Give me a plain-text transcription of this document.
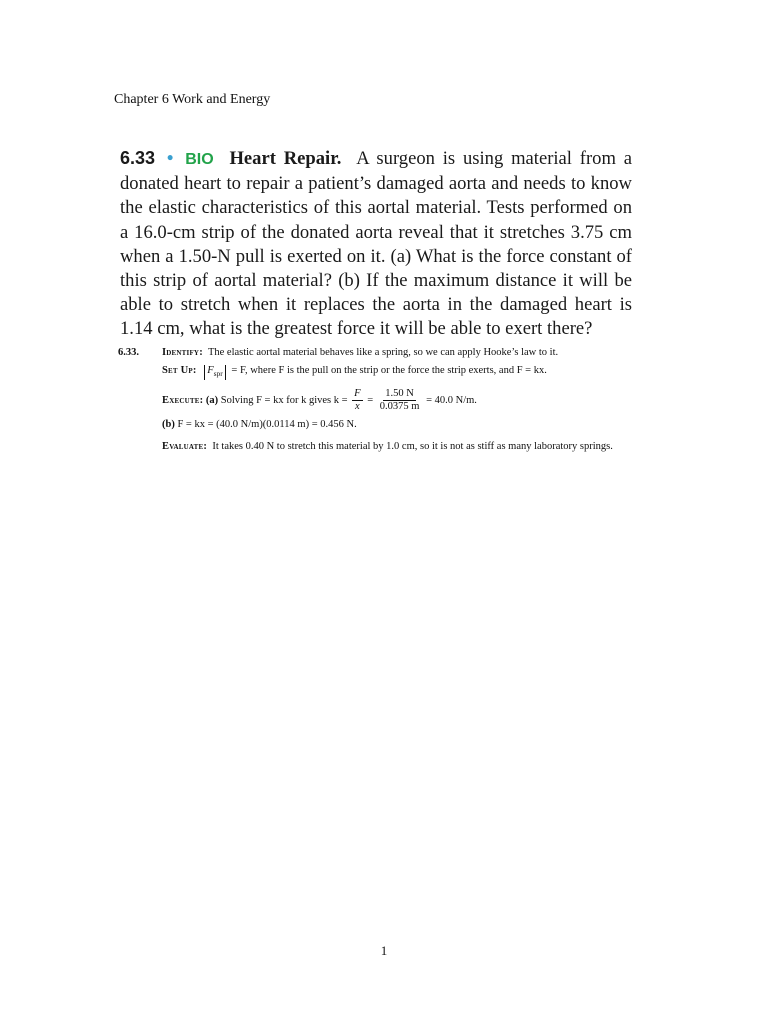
Chapter 6 Work and Energy
6.33 • BIO Heart Repair. A surgeon is using material from a donated heart to repair a patient’s damaged aorta and needs to know the elastic characteristics of this aortal material. Tests performed on a 16.0-cm strip of the donated aorta reveal that it stretches 3.75 cm when a 1.50-N pull is exerted on it. (a) What is the force constant of this strip of aortal material? (b) If the maximum distance it will be able to stretch when it replaces the aorta in the damaged heart is 1.14 cm, what is the greatest force it will be able to exert there?
6.33. Identify: The elastic aortal material behaves like a spring, so we can apply Hooke’s law to it.
Set Up: $F_{spr} = F$, where F is the pull on the strip or the force the strip exerts, and F = kx.
Execute: (a) Solving F = kx for k gives $k = \frac{F}{x} = \frac{1.50 N}{0.0375 m} = 40.0$ N/m.
(b) F = kx = (40.0 N/m)(0.0114 m) = 0.456 N.
Evaluate: It takes 0.40 N to stretch this material by 1.0 cm, so it is not as stiff as many laboratory springs.
1
